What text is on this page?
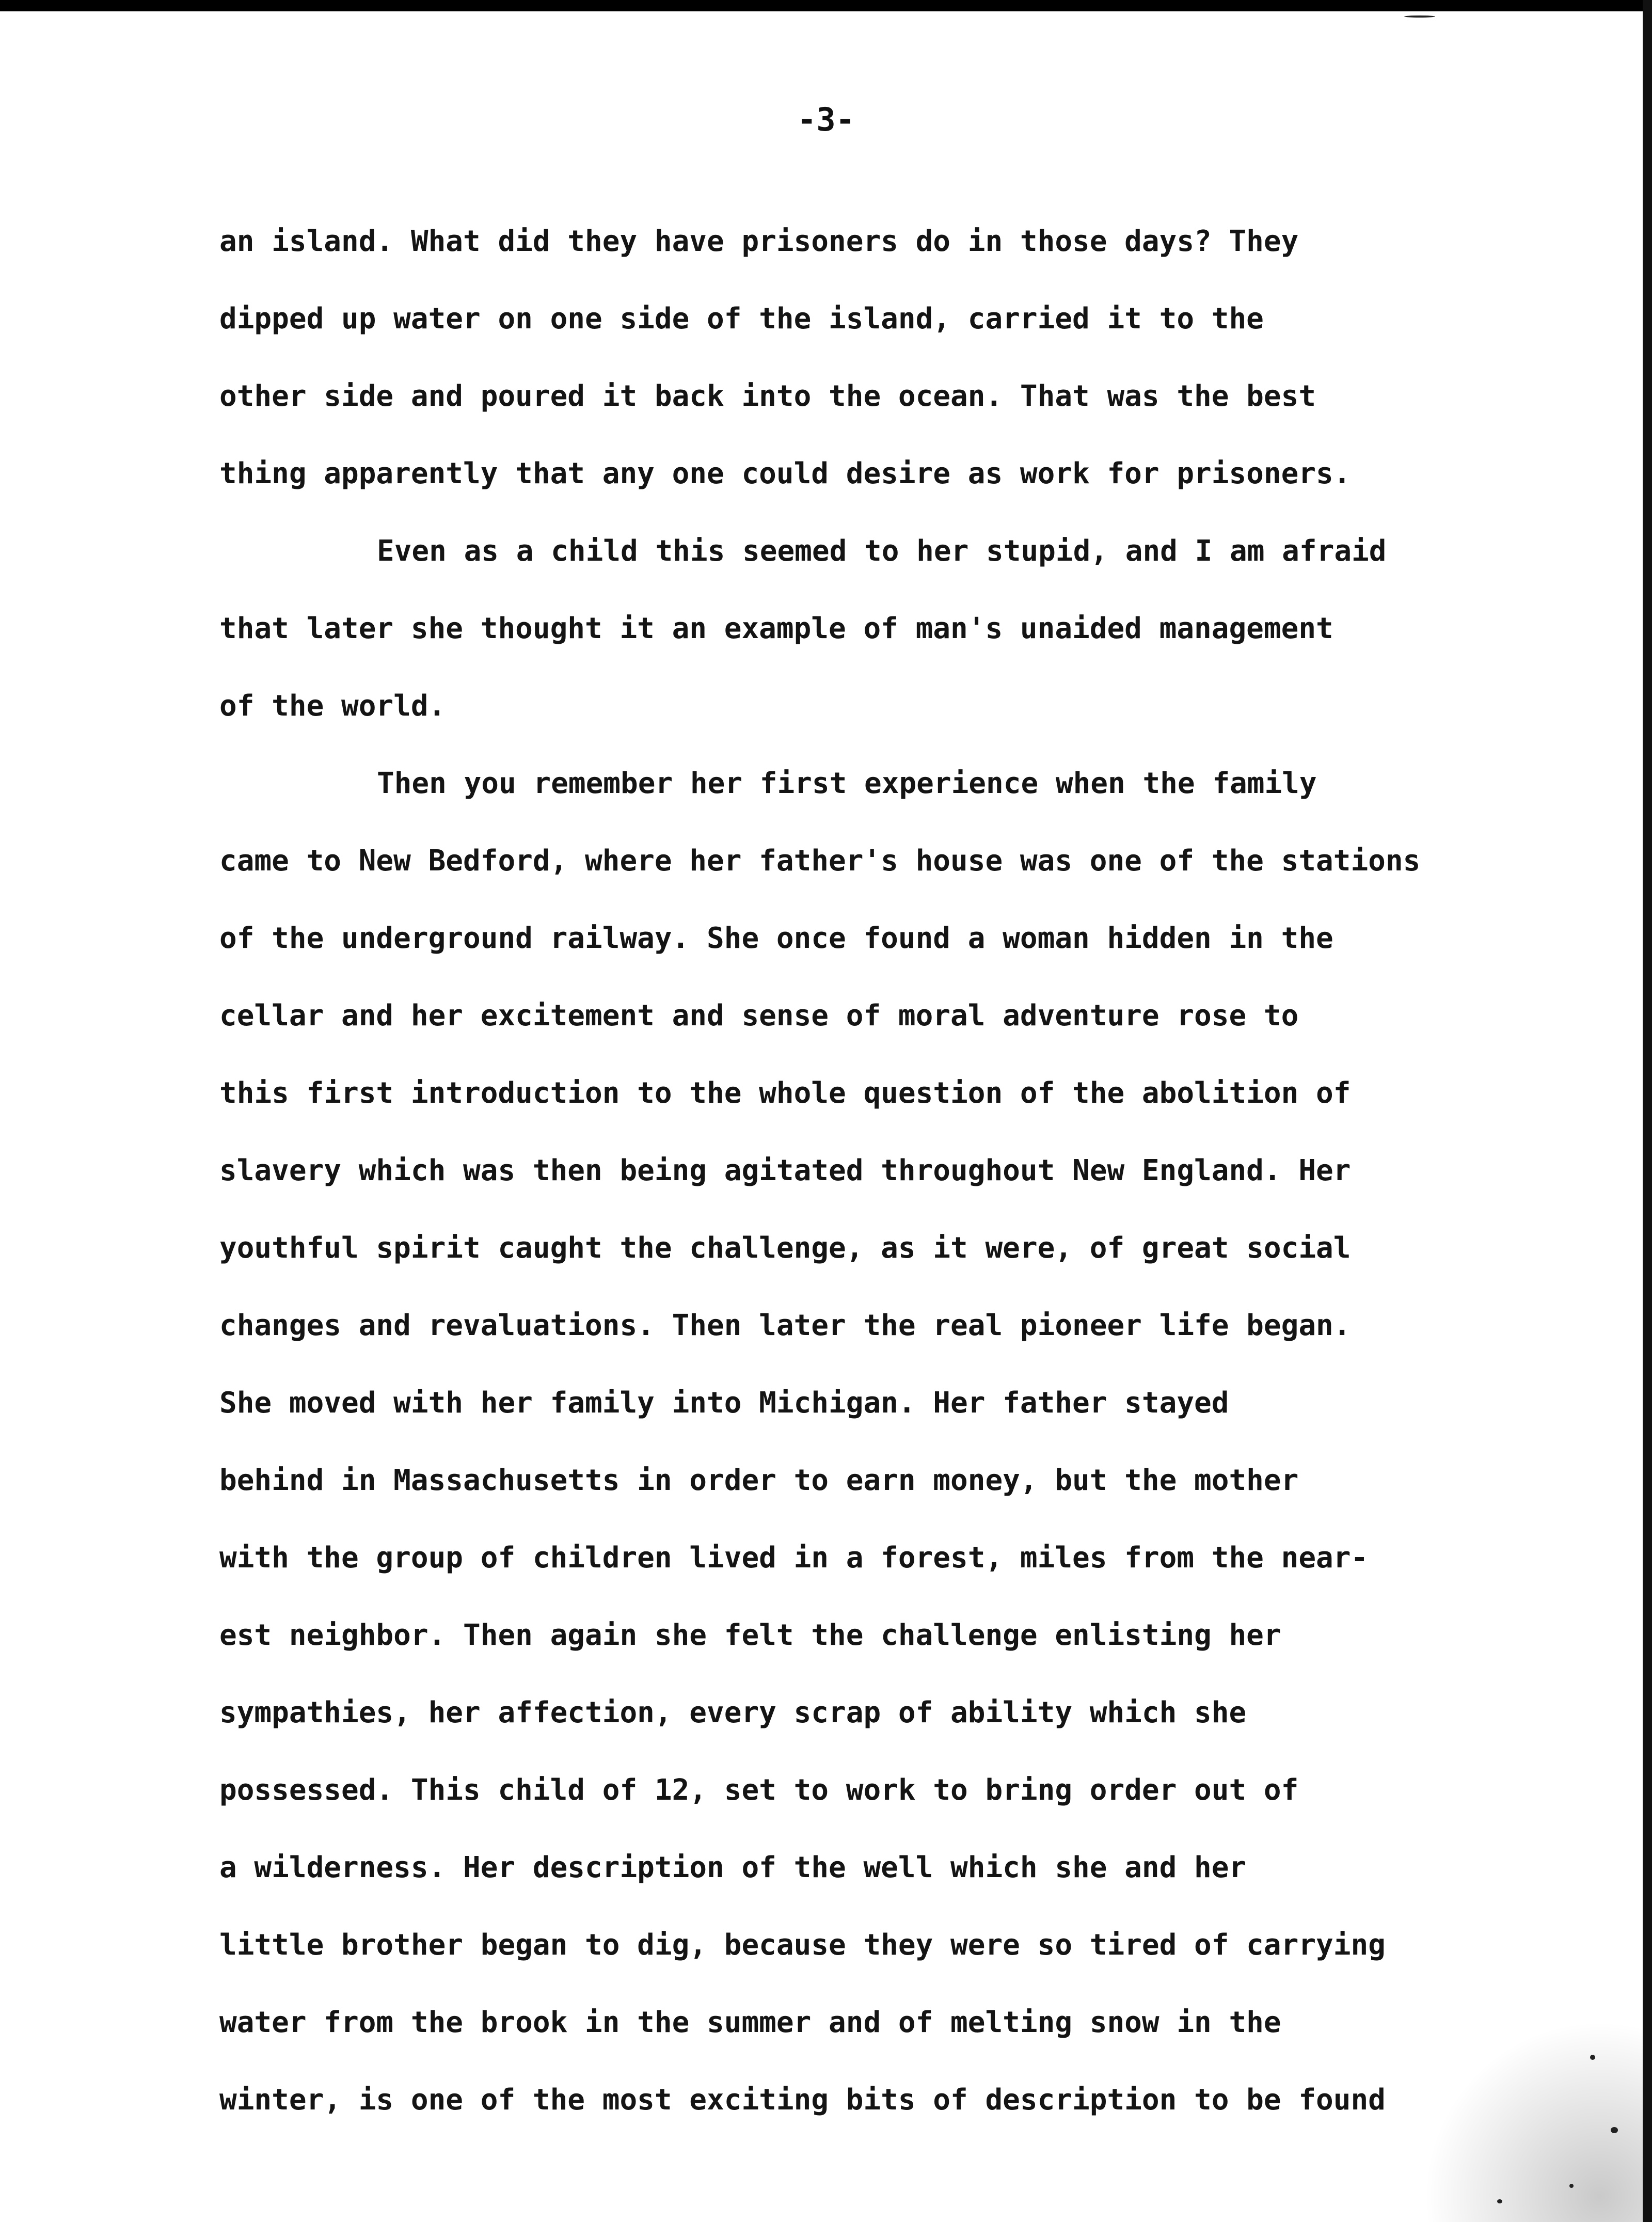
-3-
an island. What did they have prisoners do in those days? They
dipped up water on one side of the island, carried it to the
other side and poured it back into the ocean. That was the best
thing apparently that any one could desire as work for prisoners.
Even as a child this seemed to her stupid, and I am afraid
that later she thought it an example of man's unaided management
of the world.
Then you remember her first experience when the family
came to New Bedford, where her father's house was one of the stations
of the underground railway. She once found a woman hidden in the
cellar and her excitement and sense of moral adventure rose to
this first introduction to the whole question of the abolition of
slavery which was then being agitated throughout New England. Her
youthful spirit caught the challenge, as it were, of great social
changes and revaluations. Then later the real pioneer life began.
She moved with her family into Michigan. Her father stayed
behind in Massachusetts in order to earn money, but the mother
with the group of children lived in a forest, miles from the near-
est neighbor. Then again she felt the challenge enlisting her
sympathies, her affection, every scrap of ability which she
possessed. This child of 12, set to work to bring order out of
a wilderness. Her description of the well which she and her
little brother began to dig, because they were so tired of carrying
water from the brook in the summer and of melting snow in the
winter, is one of the most exciting bits of description to be found
